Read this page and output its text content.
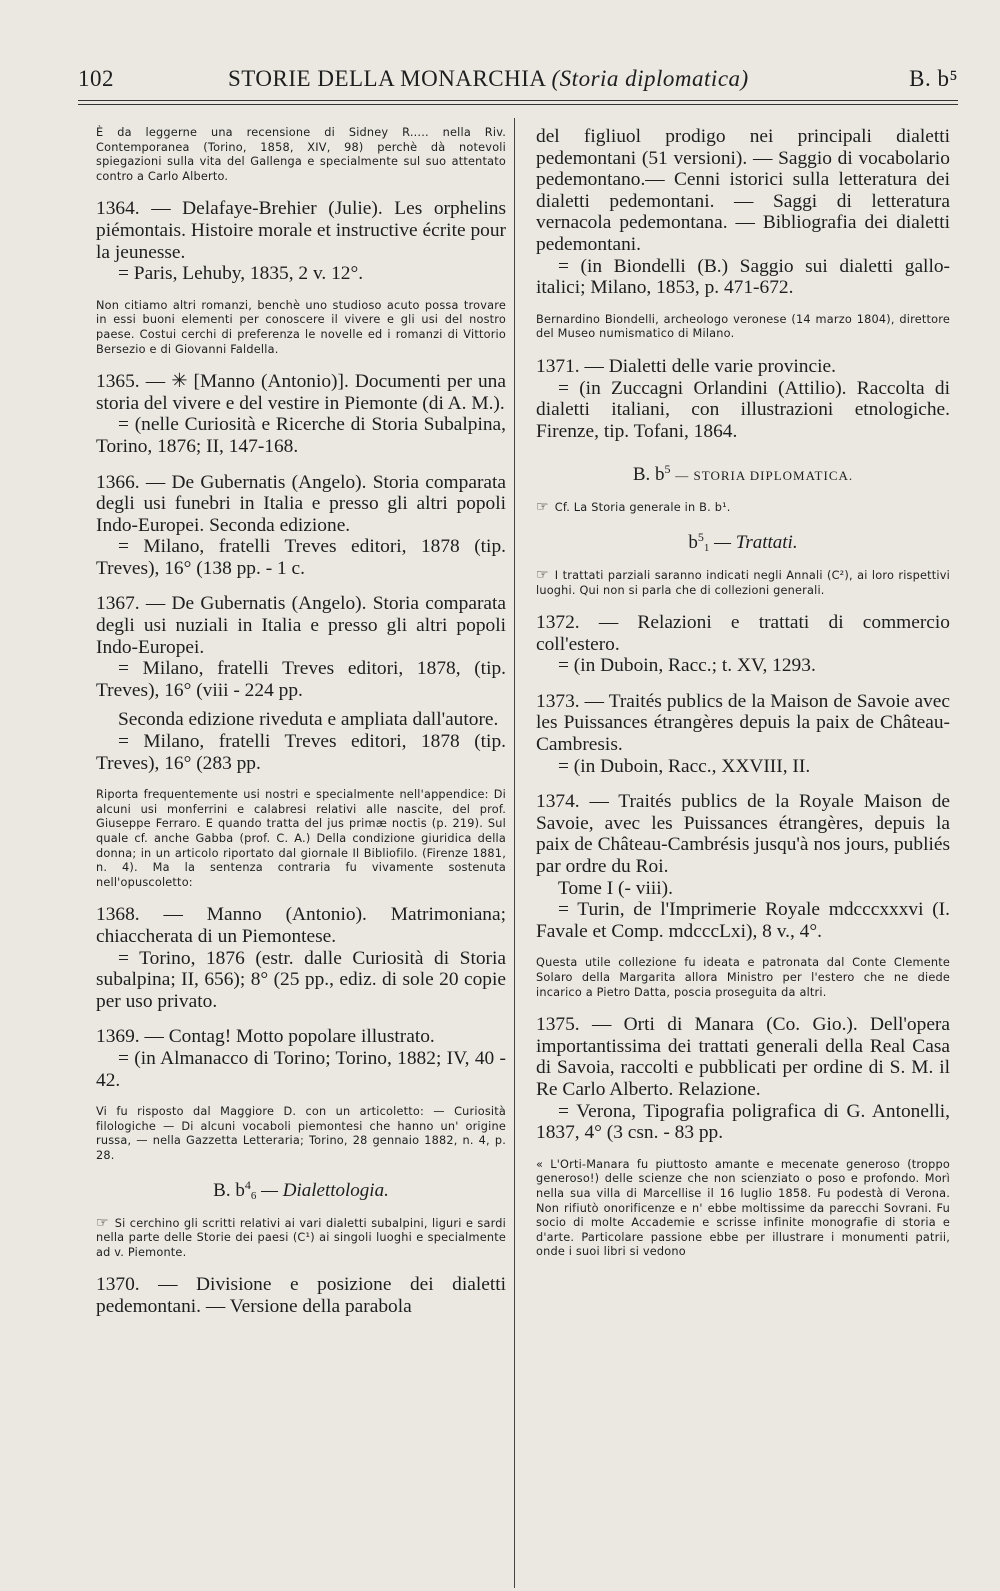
102	STORIE DELLA MONARCHIA (Storia diplomatica)	B. b⁵

È da leggerne una recensione di Sidney R..... nella Riv. Contemporanea (Torino, 1858, XIV, 98) perchè dà notevoli spiegazioni sulla vita del Gallenga e specialmente sul suo attentato contro a Carlo Alberto.

1364. — Delafaye-Brehier (Julie). Les orphelins piémontais. Histoire morale et instructive écrite pour la jeunesse.
= Paris, Lehuby, 1835, 2 v. 12°.

Non citiamo altri romanzi, benchè uno studioso acuto possa trovare in essi buoni elementi per conoscere il vivere e gli usi del nostro paese. Costui cerchi di preferenza le novelle ed i romanzi di Vittorio Bersezio e di Giovanni Faldella.

1365. — ✳ [Manno (Antonio)]. Documenti per una storia del vivere e del vestire in Piemonte (di A. M.).
= (nelle Curiosità e Ricerche di Storia Subalpina, Torino, 1876; II, 147-168.
1366. — De Gubernatis (Angelo). Storia comparata degli usi funebri in Italia e presso gli altri popoli Indo-Europei. Seconda edizione.
= Milano, fratelli Treves editori, 1878 (tip. Treves), 16° (138 pp. - 1 c.
1367. — De Gubernatis (Angelo). Storia comparata degli usi nuziali in Italia e presso gli altri popoli Indo-Europei.
= Milano, fratelli Treves editori, 1878, (tip. Treves), 16° (viii - 224 pp.
Seconda edizione riveduta e ampliata dall'autore.
= Milano, fratelli Treves editori, 1878 (tip. Treves), 16° (283 pp.

Riporta frequentemente usi nostri e specialmente nell'appendice: Di alcuni usi monferrini e calabresi relativi alle nascite, del prof. Giuseppe Ferraro. E quando tratta del jus primæ noctis (p. 219). Sul quale cf. anche Gabba (prof. C. A.) Della condizione giuridica della donna; in un articolo riportato dal giornale Il Bibliofilo. (Firenze 1881, n. 4). Ma la sentenza contraria fu vivamente sostenuta nell'opuscoletto:

1368. — Manno (Antonio). Matrimoniana; chiaccherata di un Piemontese.
= Torino, 1876 (estr. dalle Curiosità di Storia subalpina; II, 656); 8° (25 pp., ediz. di sole 20 copie per uso privato.
1369. — Contag! Motto popolare illustrato.
= (in Almanacco di Torino; Torino, 1882; IV, 40 - 42.

Vi fu risposto dal Maggiore D. con un articoletto: — Curiosità filologiche — Di alcuni vocaboli piemontesi che hanno un' origine russa, — nella Gazzetta Letteraria; Torino, 28 gennaio 1882, n. 4, p. 28.

B. $b^46$ — Dialettologia.

☞ Si cerchino gli scritti relativi ai vari dialetti subalpini, liguri e sardi nella parte delle Storie dei paesi (C¹) ai singoli luoghi e specialmente ad v. Piemonte.

1370. — Divisione e posizione dei dialetti pedemontani. — Versione della parabola
del figliuol prodigo nei principali dialetti pedemontani (51 versioni). — Saggio di vocabolario pedemontano.— Cenni istorici sulla letteratura dei dialetti pedemontani. — Saggi di letteratura vernacola pedemontana. — Bibliografia dei dialetti pedemontani.
= (in Biondelli (B.) Saggio sui dialetti gallo-italici; Milano, 1853, p. 471-672.

Bernardino Biondelli, archeologo veronese (14 marzo 1804), direttore del Museo numismatico di Milano.

1371. — Dialetti delle varie provincie.
= (in Zuccagni Orlandini (Attilio). Raccolta di dialetti italiani, con illustrazioni etnologiche. Firenze, tip. Tofani, 1864.
B. $b^5$ — STORIA DIPLOMATICA.

☞ Cf. La Storia generale in B. b¹.

$b^51$ — Trattati.

☞ I trattati parziali saranno indicati negli Annali (C²), ai loro rispettivi luoghi. Qui non si parla che di collezioni generali.

1372. — Relazioni e trattati di commercio coll'estero.
= (in Duboin, Racc.; t. XV, 1293.
1373. — Traités publics de la Maison de Savoie avec les Puissances étrangères depuis la paix de Château-Cambresis.
= (in Duboin, Racc., XXVIII, II.
1374. — Traités publics de la Royale Maison de Savoie, avec les Puissances étrangères, depuis la paix de Château-Cambrésis jusqu'à nos jours, publiés par ordre du Roi.
Tome I (- viii).
= Turin, de l'Imprimerie Royale mdcccxxxvi (I. Favale et Comp. mdcccLxi), 8 v., 4°.

Questa utile collezione fu ideata e patronata dal Conte Clemente Solaro della Margarita allora Ministro per l'estero che ne diede incarico a Pietro Datta, poscia proseguita da altri.

1375. — Orti di Manara (Co. Gio.). Dell'opera importantissima dei trattati generali della Real Casa di Savoia, raccolti e pubblicati per ordine di S. M. il Re Carlo Alberto. Relazione.
= Verona, Tipografia poligrafica di G. Antonelli, 1837, 4° (3 csn. - 83 pp.

« L'Orti-Manara fu piuttosto amante e mecenate generoso (troppo generoso!) delle scienze che non scienziato o poso e profondo. Morì nella sua villa di Marcellise il 16 luglio 1858. Fu podestà di Verona. Non rifiutò onorificenze e n' ebbe moltissime da parecchi Sovrani. Fu socio di molte Accademie e scrisse infinite monografie di storia e d'arte. Particolare passione ebbe per illustrare i monumenti patrii, onde i suoi libri si vedono
